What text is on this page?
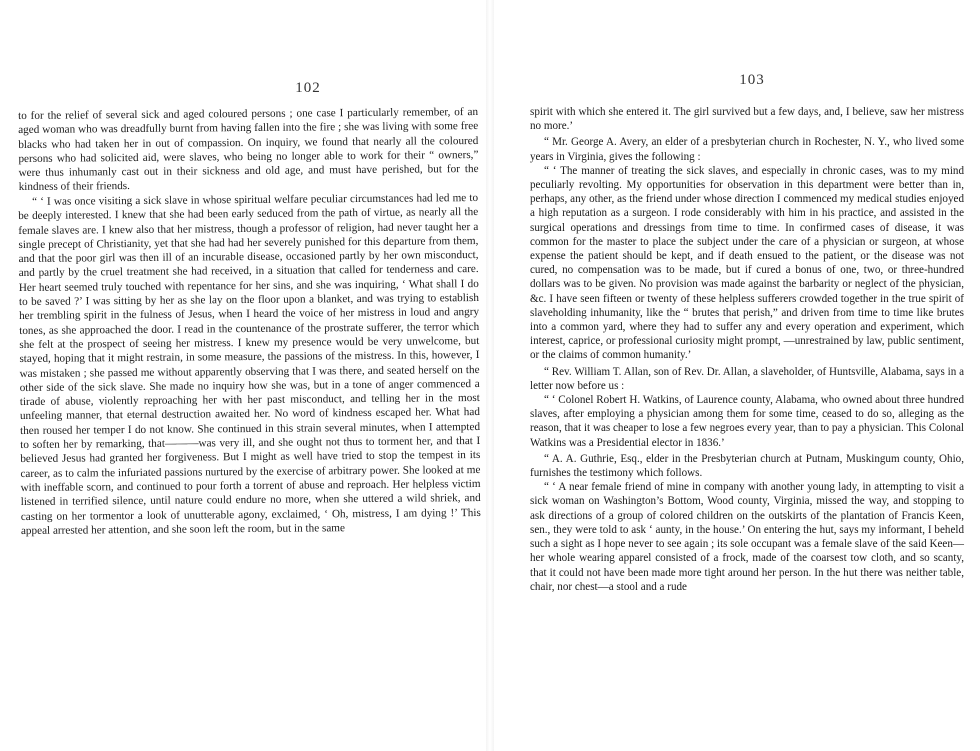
102

to for the relief of several sick and aged coloured persons ; one case I particularly remember, of an aged woman who was dreadfully burnt from having fallen into the fire ; she was living with some free blacks who had taken her in out of compassion. On inquiry, we found that nearly all the coloured persons who had solicited aid, were slaves, who being no longer able to work for their “ owners,” were thus inhumanly cast out in their sickness and old age, and must have perished, but for the kindness of their friends.

“ ‘ I was once visiting a sick slave in whose spiritual welfare peculiar circumstances had led me to be deeply interested. I knew that she had been early seduced from the path of virtue, as nearly all the female slaves are. I knew also that her mistress, though a professor of religion, had never taught her a single precept of Christianity, yet that she had had her severely punished for this departure from them, and that the poor girl was then ill of an incurable disease, occasioned partly by her own misconduct, and partly by the cruel treatment she had received, in a situation that called for tenderness and care. Her heart seemed truly touched with repentance for her sins, and she was inquiring, ‘ What shall I do to be saved ?’ I was sitting by her as she lay on the floor upon a blanket, and was trying to establish her trembling spirit in the fulness of Jesus, when I heard the voice of her mistress in loud and angry tones, as she approached the door. I read in the countenance of the prostrate sufferer, the terror which she felt at the prospect of seeing her mistress. I knew my presence would be very unwelcome, but stayed, hoping that it might restrain, in some measure, the passions of the mistress. In this, however, I was mistaken ; she passed me without apparently observing that I was there, and seated herself on the other side of the sick slave. She made no inquiry how she was, but in a tone of anger commenced a tirade of abuse, violently reproaching her with her past misconduct, and telling her in the most unfeeling manner, that eternal destruction awaited her. No word of kindness escaped her. What had then roused her temper I do not know. She continued in this strain several minutes, when I attempted to soften her by remarking, that———was very ill, and she ought not thus to torment her, and that I believed Jesus had granted her forgiveness. But I might as well have tried to stop the tempest in its career, as to calm the infuriated passions nurtured by the exercise of arbitrary power. She looked at me with ineffable scorn, and continued to pour forth a torrent of abuse and reproach. Her helpless victim listened in terrified silence, until nature could endure no more, when she uttered a wild shriek, and casting on her tormentor a look of unutterable agony, exclaimed, ‘ Oh, mistress, I am dying !’ This appeal arrested her attention, and she soon left the room, but in the same

103

spirit with which she entered it. The girl survived but a few days, and, I believe, saw her mistress no more.’

“ Mr. George A. Avery, an elder of a presbyterian church in Rochester, N. Y., who lived some years in Virginia, gives the following :

“ ‘ The manner of treating the sick slaves, and especially in chronic cases, was to my mind peculiarly revolting. My opportunities for observation in this department were better than in, perhaps, any other, as the friend under whose direction I commenced my medical studies enjoyed a high reputation as a surgeon. I rode considerably with him in his practice, and assisted in the surgical operations and dressings from time to time. In confirmed cases of disease, it was common for the master to place the subject under the care of a physician or surgeon, at whose expense the patient should be kept, and if death ensued to the patient, or the disease was not cured, no compensation was to be made, but if cured a bonus of one, two, or three-hundred dollars was to be given. No provision was made against the barbarity or neglect of the physician, &c. I have seen fifteen or twenty of these helpless sufferers crowded together in the true spirit of slaveholding inhumanity, like the “ brutes that perish,” and driven from time to time like brutes into a common yard, where they had to suffer any and every operation and experiment, which interest, caprice, or professional curiosity might prompt, —unrestrained by law, public sentiment, or the claims of common humanity.’

“ Rev. William T. Allan, son of Rev. Dr. Allan, a slaveholder, of Huntsville, Alabama, says in a letter now before us :

“ ‘ Colonel Robert H. Watkins, of Laurence county, Alabama, who owned about three hundred slaves, after employing a physician among them for some time, ceased to do so, alleging as the reason, that it was cheaper to lose a few negroes every year, than to pay a physician. This Colonal Watkins was a Presidential elector in 1836.’

“ A. A. Guthrie, Esq., elder in the Presbyterian church at Putnam, Muskingum county, Ohio, furnishes the testimony which follows.

“ ‘ A near female friend of mine in company with another young lady, in attempting to visit a sick woman on Washington’s Bottom, Wood county, Virginia, missed the way, and stopping to ask directions of a group of colored children on the outskirts of the plantation of Francis Keen, sen., they were told to ask ‘ aunty, in the house.’ On entering the hut, says my informant, I beheld such a sight as I hope never to see again ; its sole occupant was a female slave of the said Keen—her whole wearing apparel consisted of a frock, made of the coarsest tow cloth, and so scanty, that it could not have been made more tight around her person. In the hut there was neither table, chair, nor chest—a stool and a rude
